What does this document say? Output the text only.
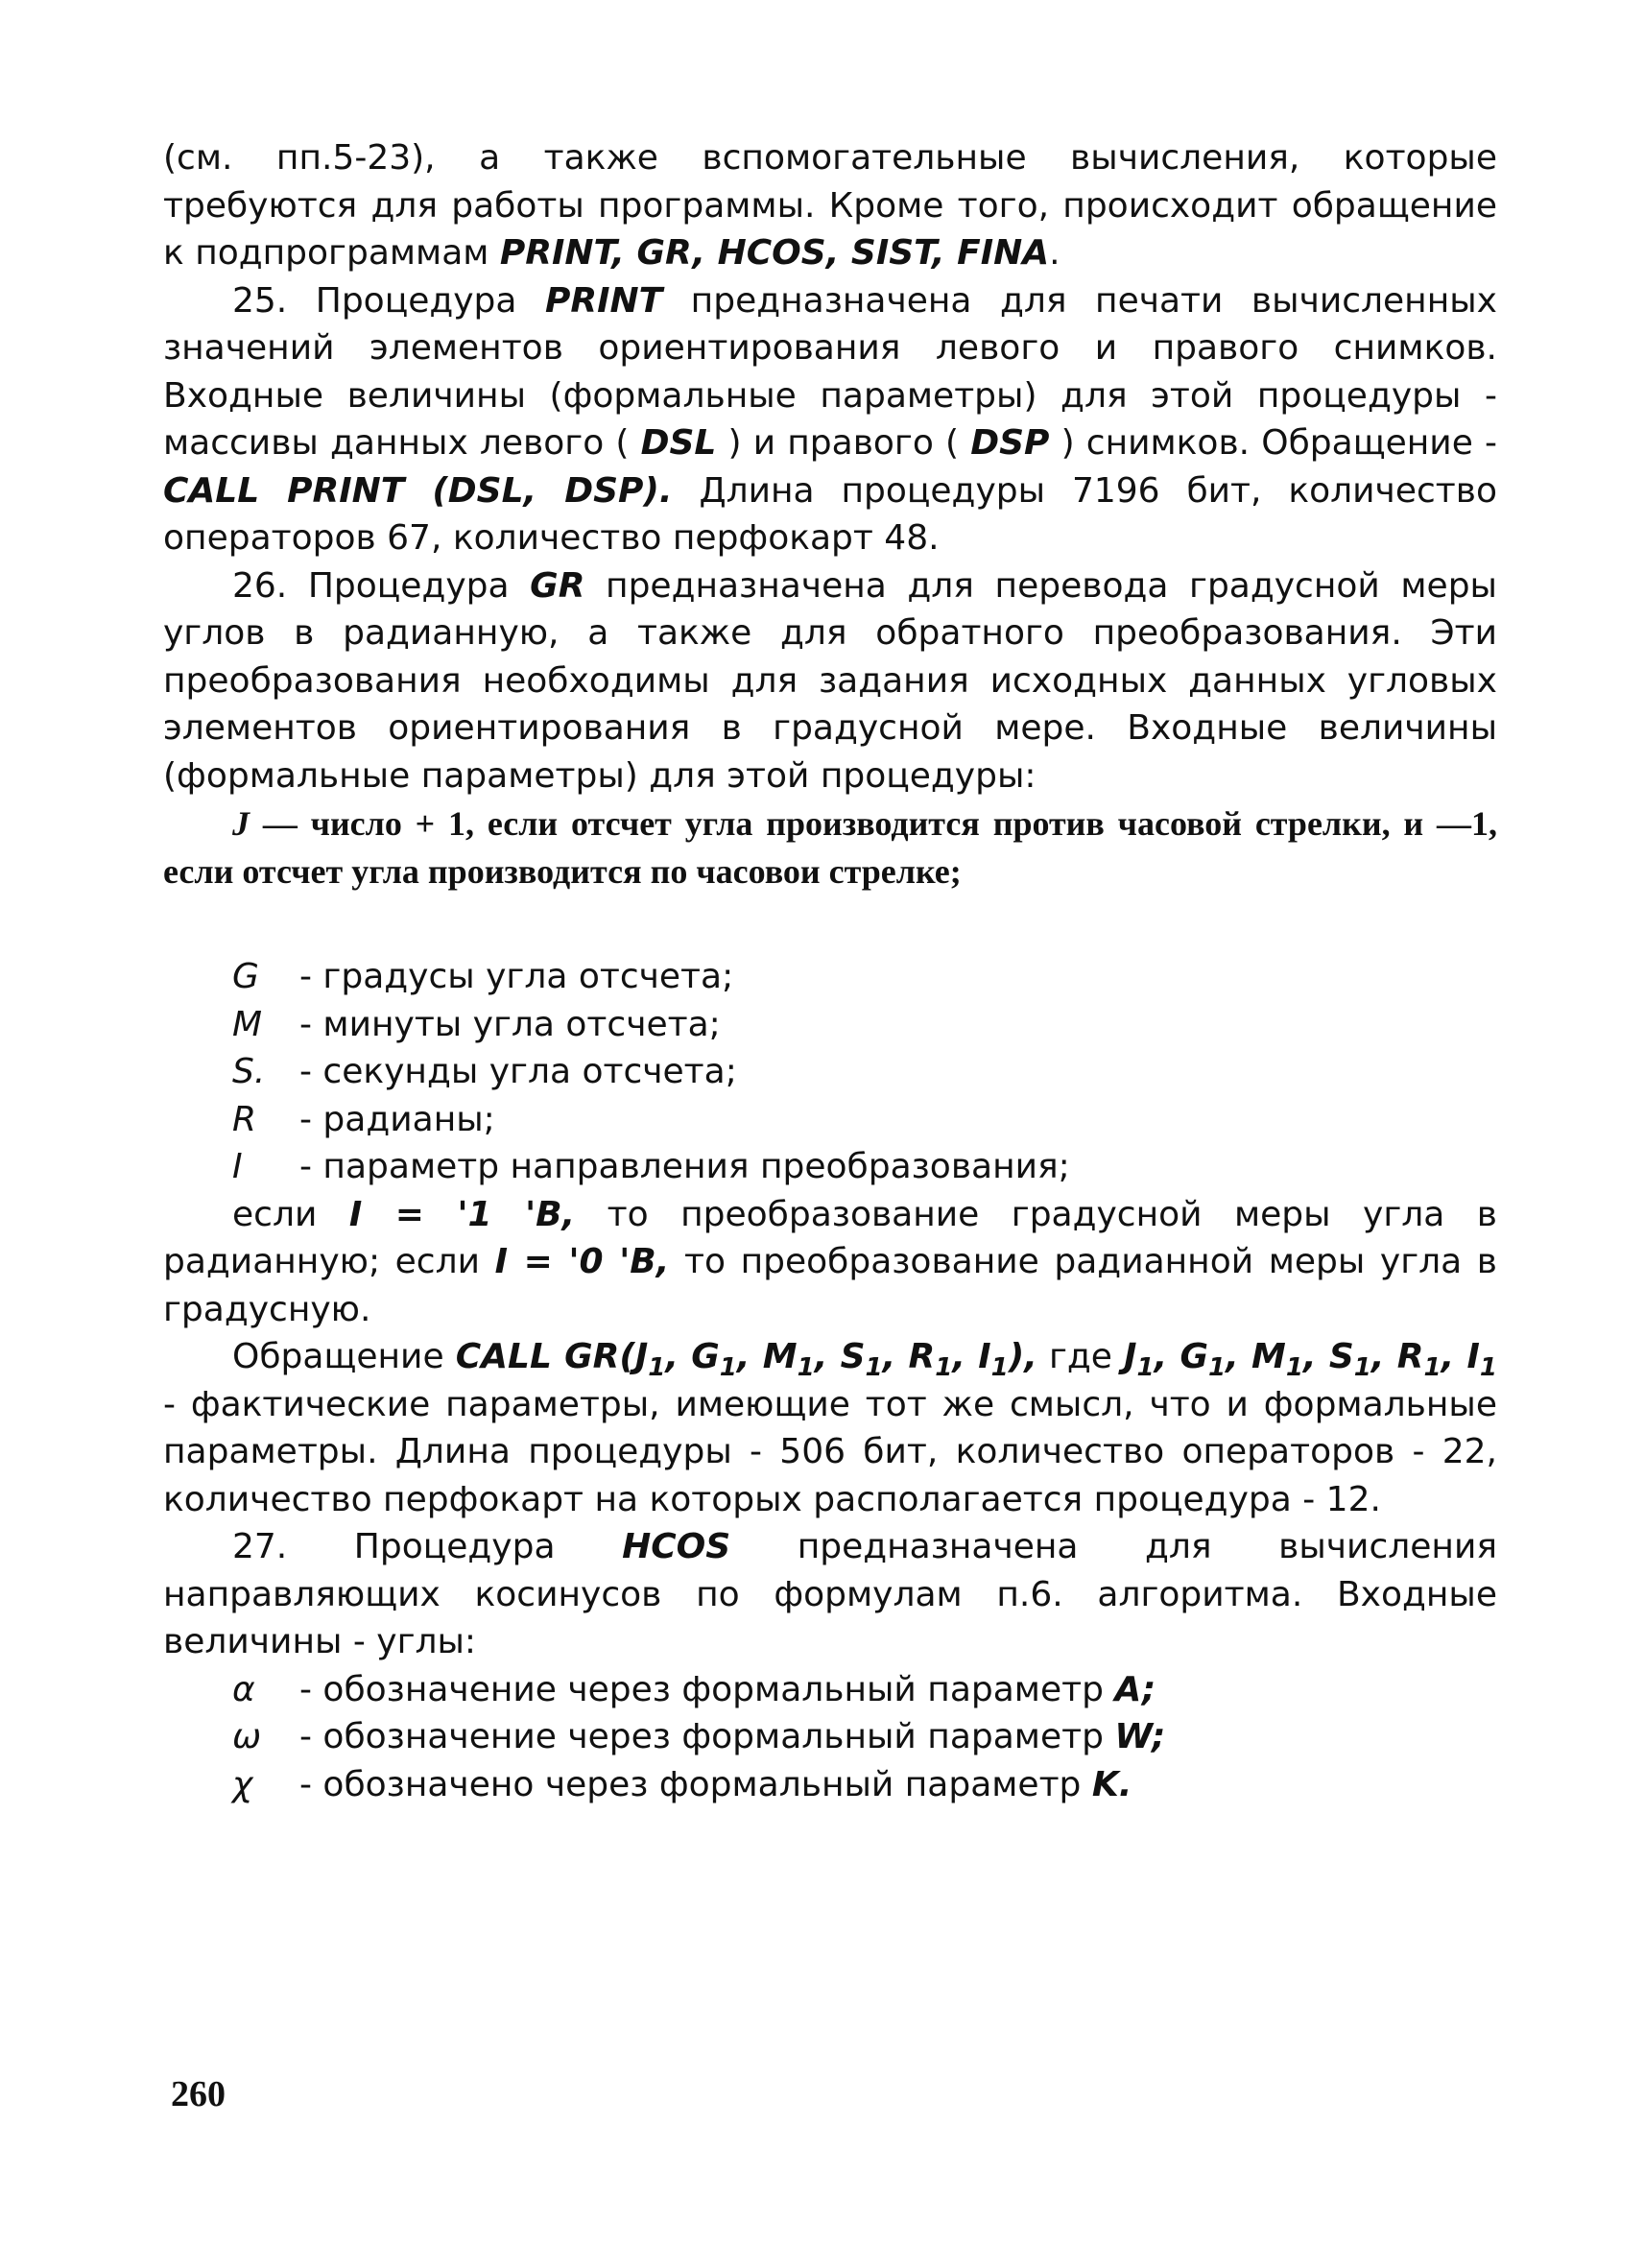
(см. пп.5-23), а также вспомогательные вычисления, которые требуются для работы программы. Кроме того, происходит обращение к подпрограммам PRINT, GR, HCOS, SIST, FINA.

25. Процедура PRINT предназначена для печати вычисленных значений элементов ориентирования левого и правого снимков. Входные величины (формальные параметры) для этой процедуры - массивы данных левого ( DSL ) и правого ( DSP ) снимков. Обращение - CALL PRINT (DSL, DSP). Длина процедуры 7196 бит, количество операторов 67, количество перфокарт 48.

26. Процедура GR предназначена для перевода градусной меры углов в радианную, а также для обратного преобразования. Эти преобразования необходимы для задания исходных данных угловых элементов ориентирования в градусной мере. Входные величины (формальные параметры) для этой процедуры:

J — число + 1, если отсчет угла производится против часовой стрелки, и —1, если отсчет угла производится по часовои стрелке;

G	- градусы угла отсчета;
M	- минуты угла отсчета;
S. - секунды угла отсчета;
R	- радианы;
I	- параметр направления преобразования;

если I = '1 'B, то преобразование градусной меры угла в радианную; если I = '0 'B, то преобразование радианной меры угла в градусную.

Обращение CALL $GR(J_1$, $G_1$, $M_1$, $S_1$, $R_1$, $I_1$), где $J_1$, $G_1$, $M_1$, $S_1$, $R_1$, $I_1$ - фактические параметры, имеющие тот же смысл, что и формальные параметры. Длина процедуры - 506 бит, количество операторов - 22, количество перфокарт на которых располагается процедура - 12.

27. Процедура HCOS предназначена для вычисления направляющих косинусов по формулам п.6. алгоритма. Входные величины - углы:

α	- обозначение через формальный параметр A;
ω	- обозначение через формальный параметр W;
χ	- обозначено через формальный параметр K.
260
